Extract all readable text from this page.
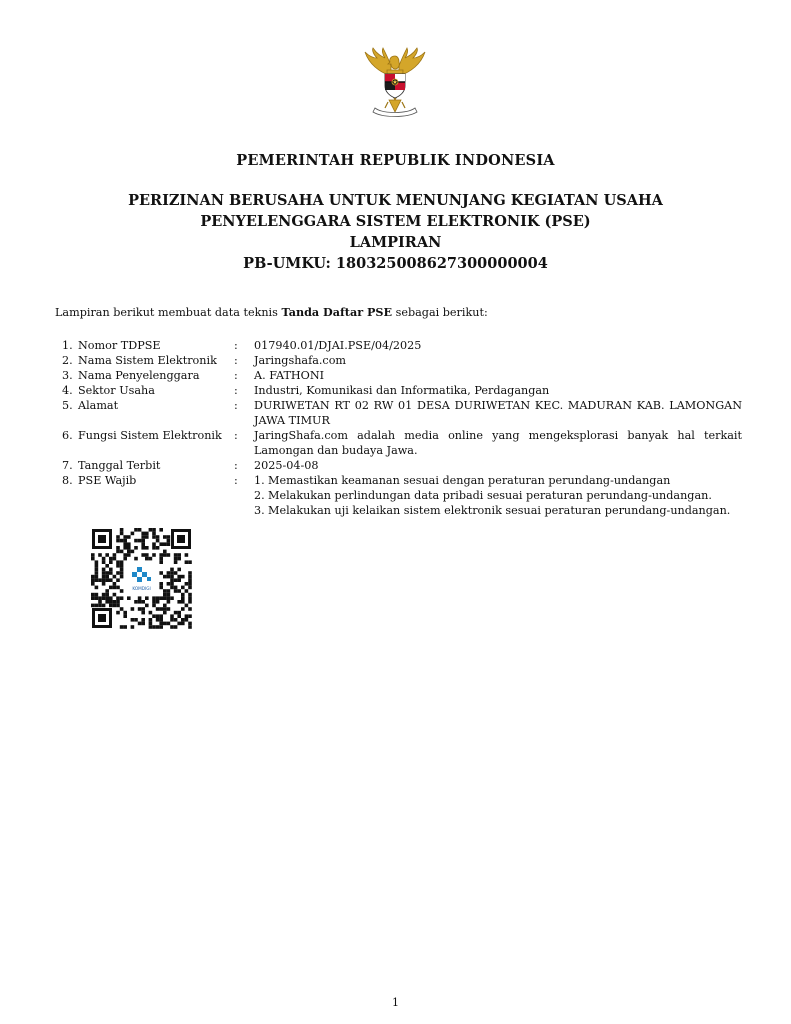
PEMERINTAH REPUBLIK INDONESIA
PERIZINAN BERUSAHA UNTUK MENUNJANG KEGIATAN USAHA
PENYELENGGARA SISTEM ELEKTRONIK (PSE)
LAMPIRAN
PB-UMKU: 180325008627300000004
Lampiran berikut membuat data teknis Tanda Daftar PSE sebagai berikut:
1. Nomor TDPSE	:	017940.01/DJAI.PSE/04/2025
2. Nama Sistem Elektronik	:	Jaringshafa.com
3. Nama Penyelenggara	:	A. FATHONI
4. Sektor Usaha	:	Industri, Komunikasi dan Informatika, Perdagangan
5. Alamat	:	DURIWETAN RT 02 RW 01 DESA DURIWETAN KEC. MADURAN KAB. LAMONGAN JAWA TIMUR
6. Fungsi Sistem Elektronik	:	JaringShafa.com adalah media online yang mengeksplorasi banyak hal terkait Lamongan dan budaya Jawa.
7. Tanggal Terbit	:	2025-04-08
8. PSE Wajib	:	1. Memastikan keamanan sesuai dengan peraturan perundang-undangan
2. Melakukan perlindungan data pribadi sesuai peraturan perundang-undangan.
3. Melakukan uji kelaikan sistem elektronik sesuai peraturan perundang-undangan.
KOMDIGI
1
